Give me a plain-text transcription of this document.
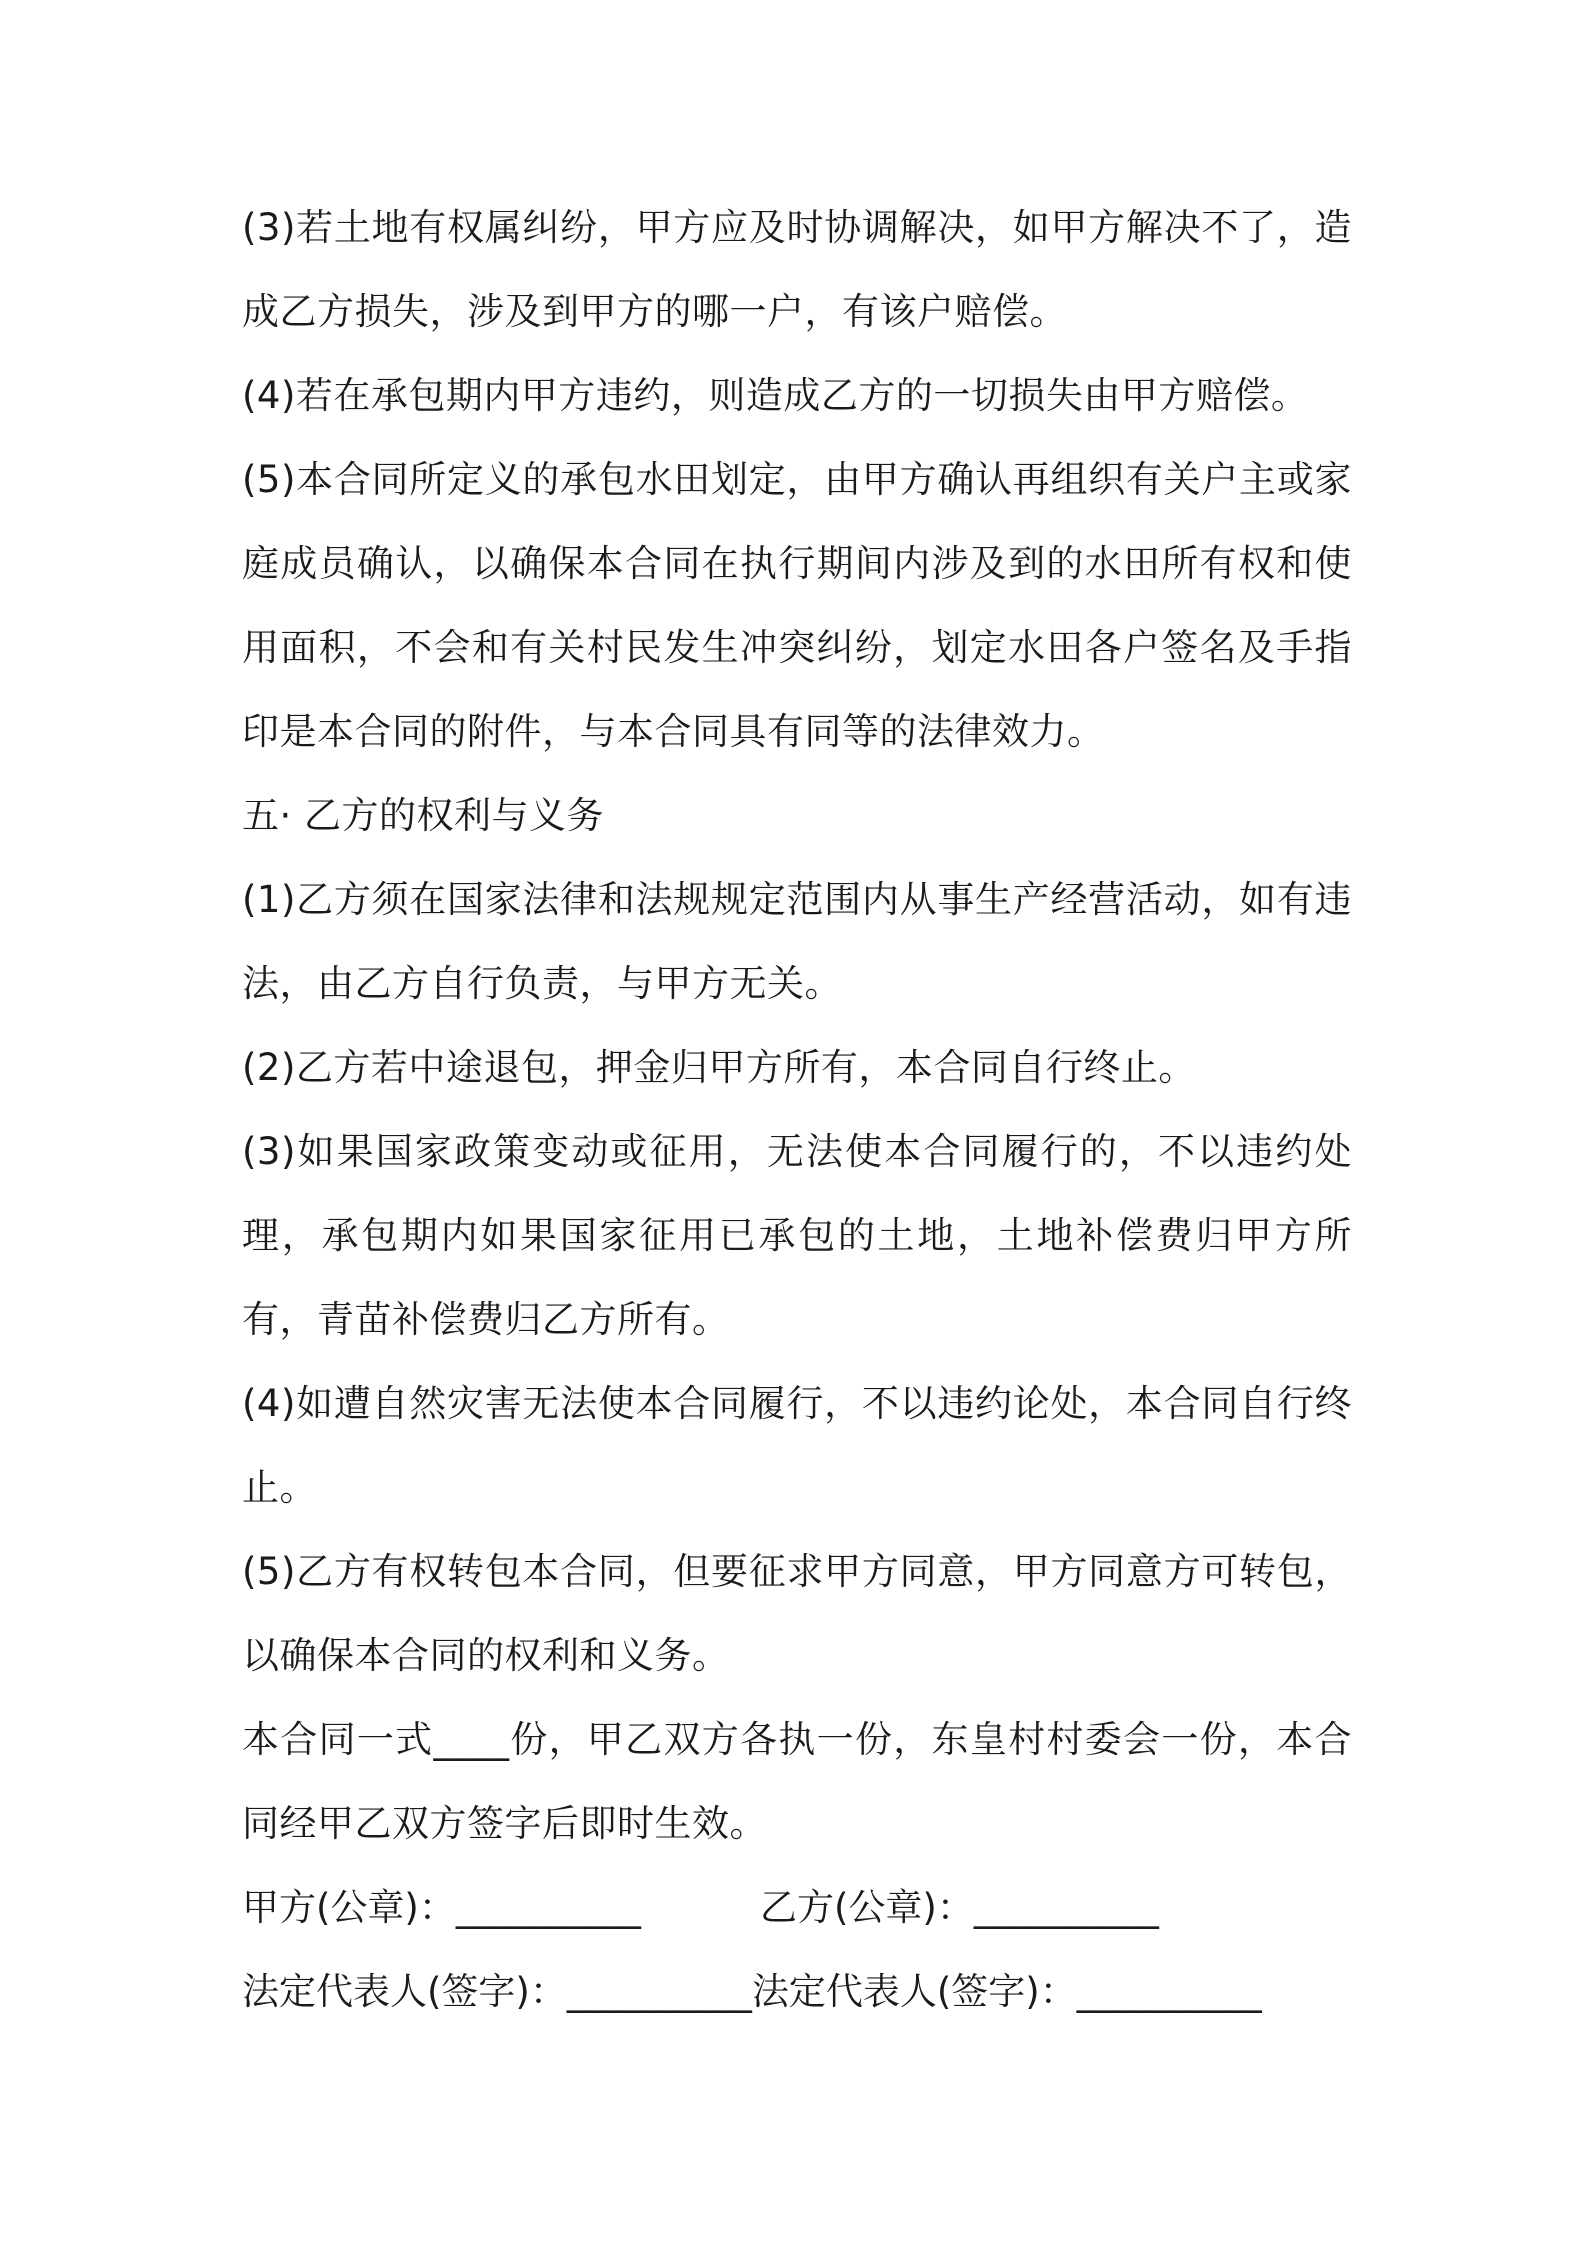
(3)若土地有权属纠纷，甲方应及时协调解决，如甲方解决不了，造成乙方损失，涉及到甲方的哪一户，有该户赔偿。

(4)若在承包期内甲方违约，则造成乙方的一切损失由甲方赔偿。

(5)本合同所定义的承包水田划定，由甲方确认再组织有关户主或家庭成员确认，以确保本合同在执行期间内涉及到的水田所有权和使用面积，不会和有关村民发生冲突纠纷，划定水田各户签名及手指印是本合同的附件，与本合同具有同等的法律效力。

五· 乙方的权利与义务

(1)乙方须在国家法律和法规规定范围内从事生产经营活动，如有违法，由乙方自行负责，与甲方无关。

(2)乙方若中途退包，押金归甲方所有，本合同自行终止。

(3)如果国家政策变动或征用，无法使本合同履行的，不以违约处理，承包期内如果国家征用已承包的土地，土地补偿费归甲方所有，青苗补偿费归乙方所有。

(4)如遭自然灾害无法使本合同履行，不以违约论处，本合同自行终止。

(5)乙方有权转包本合同，但要征求甲方同意，甲方同意方可转包，以确保本合同的权利和义务。

本合同一式____份，甲乙双方各执一份，东皇村村委会一份，本合同经甲乙双方签字后即时生效。

甲方(公章)：__________	乙方(公章)：__________
法定代表人(签字)：__________ 法定代表人(签字)：__________
